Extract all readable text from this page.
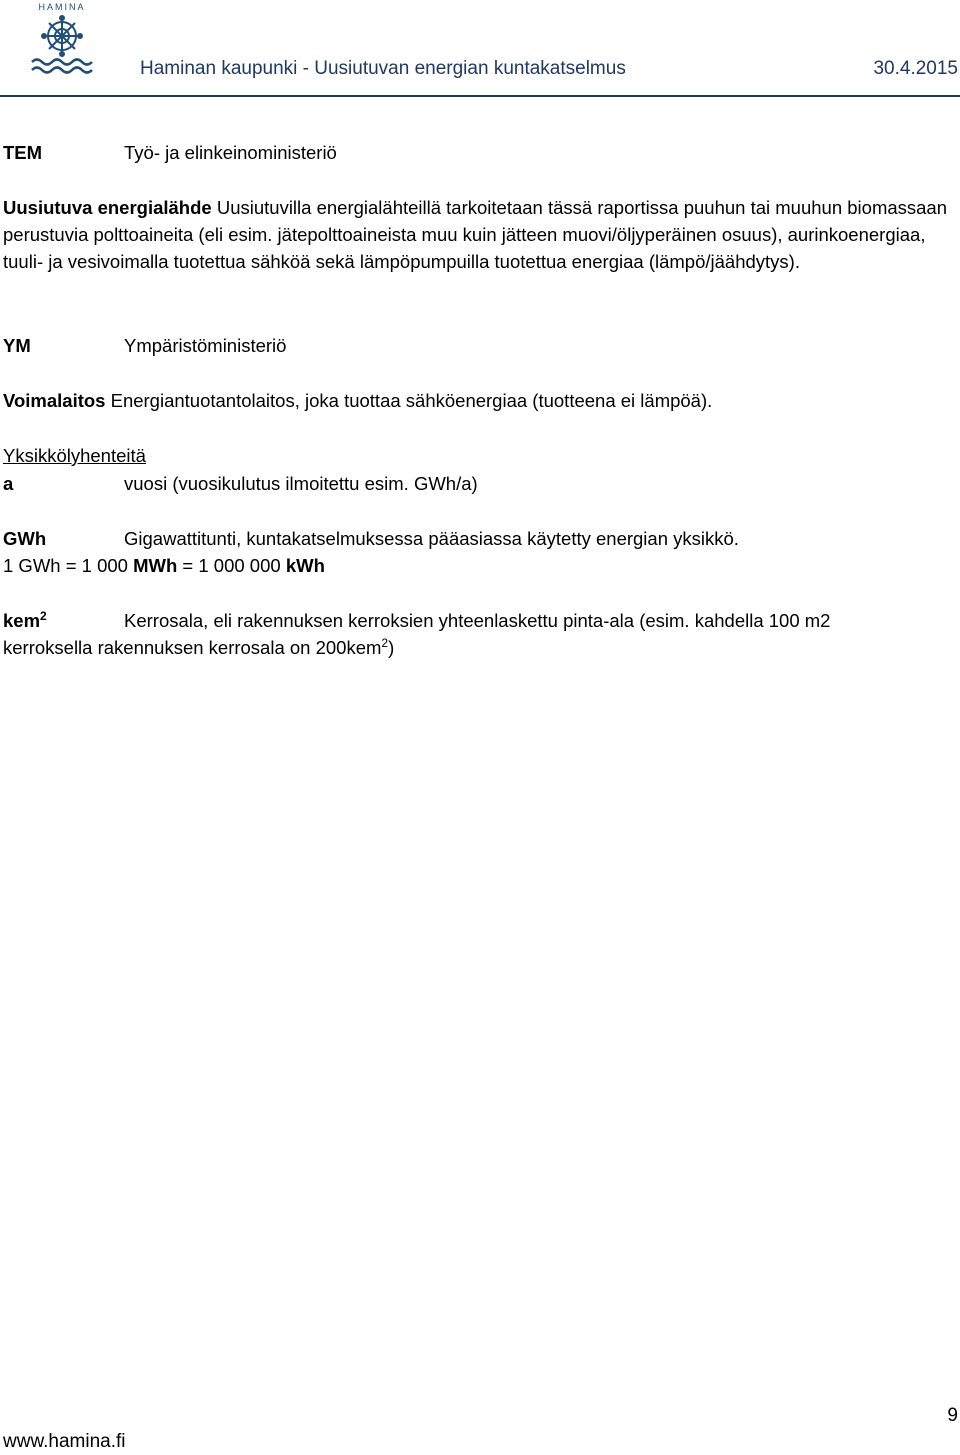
HAMINA
Haminan kaupunki - Uusiutuvan energian kuntakatselmus	30.4.2015
TEM	Työ- ja elinkeinoministeriö
Uusiutuva energialähde Uusiutuvilla energialähteillä tarkoitetaan tässä raportissa puuhun tai muuhun biomassaan perustuvia polttoaineita (eli esim. jätepolttoaineista muu kuin jätteen muovi/öljyperäinen osuus), aurinkoenergiaa, tuuli- ja vesivoimalla tuotettua sähköä sekä lämpöpumpuilla tuotettua energiaa (lämpö/jäähdytys).
YM	Ympäristöministeriö
Voimalaitos Energiantuotantolaitos, joka tuottaa sähköenergiaa (tuotteena ei lämpöä).
Yksikkölyhenteitä
a	vuosi (vuosikulutus ilmoitettu esim. GWh/a)
GWh	Gigawattitunti, kuntakatselmuksessa pääasiassa käytetty energian yksikkö.
1 GWh = 1 000 MWh = 1 000 000 kWh
kem$^2$	Kerrosala, eli rakennuksen kerroksien yhteenlaskettu pinta-ala (esim. kahdella 100 m2
kerroksella rakennuksen kerrosala on 200kem$^2$)
9
www.hamina.fi
